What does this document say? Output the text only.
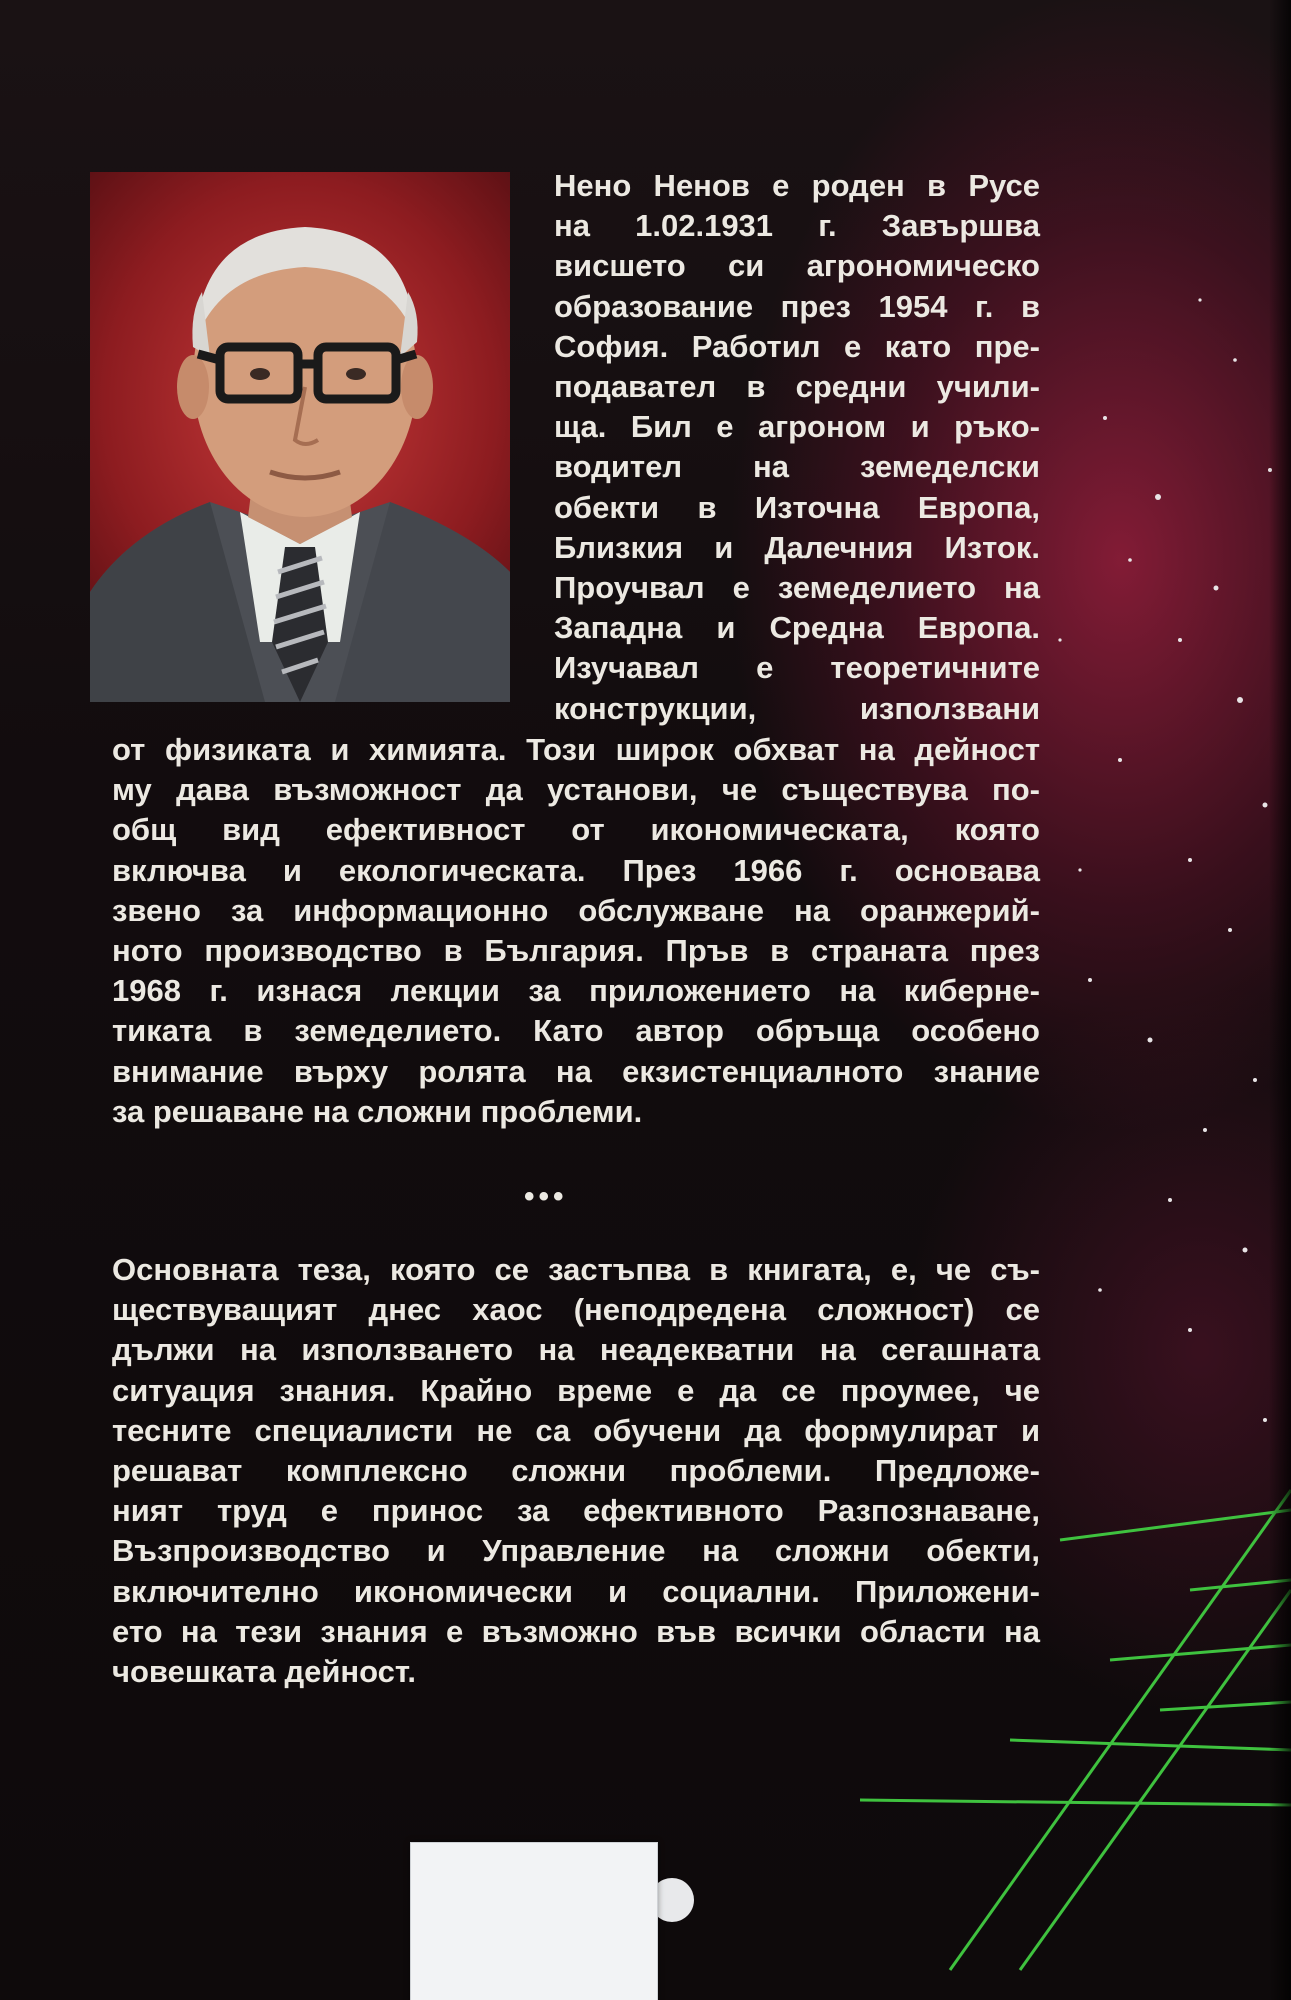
Нено Ненов е роден в Русе
на 1.02.1931 г. Завършва
висшето си агрономическо
образование през 1954 г. в
София. Работил е като пре-
подавател в средни учили-
ща. Бил е агроном и ръко-
водител на земеделски
обекти в Източна Европа,
Близкия и Далечния Изток.
Проучвал е земеделието на
Западна и Средна Европа.
Изучавал е теоретичните
конструкции, използвани

от физиката и химията. Този широк обхват на дейност
му дава възможност да установи, че съществува по-
общ вид ефективност от икономическата, която
включва и екологическата. През 1966 г. основава
звено за информационно обслужване на оранжерий-
ното производство в България. Пръв в страната през
1968 г. изнася лекции за приложението на киберне-
тиката в земеделието. Като автор обръща особено
внимание върху ролята на екзистенциалното знание
за решаване на сложни проблеми.

•••

Основната теза, която се застъпва в книгата, е, че съ-
ществуващият днес хаос (неподредена сложност) се
дължи на използването на неадекватни на сегашната
ситуация знания. Крайно време е да се проумее, че
тесните специалисти не са обучени да формулират и
решават комплексно сложни проблеми. Предложе-
ният труд е принос за ефективното Разпознаване,
Възпроизводство и Управление на сложни обекти,
включително икономически и социални. Приложени-
ето на тези знания е възможно във всички области на
човешката дейност.
